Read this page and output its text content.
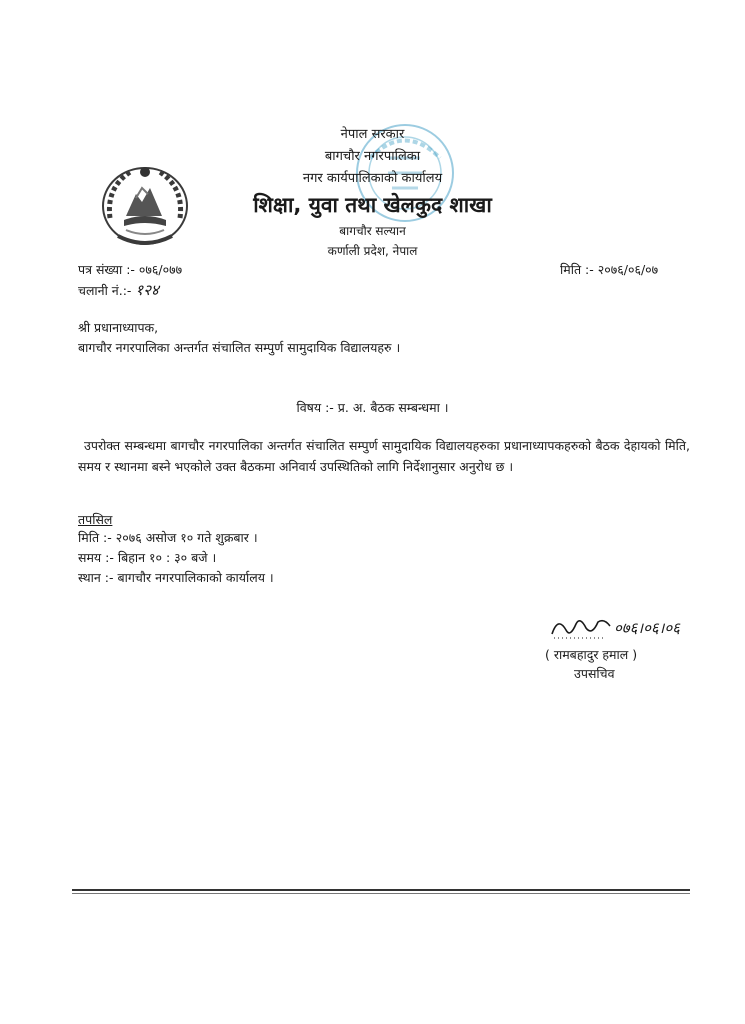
नेपाल सरकार
बागचौर नगरपालिका
नगर कार्यपालिकाको कार्यालय
शिक्षा, युवा तथा खेलकुद शाखा
बागचौर सल्यान
कर्णाली प्रदेश, नेपाल
पत्र संख्या :- ०७६/०७७
चलानी नं.:- १२४
मिति :- २०७६/०६/०७
श्री प्रधानाध्यापक,
बागचौर नगरपालिका अन्तर्गत संचालित सम्पुर्ण सामुदायिक विद्यालयहरु ।
विषय :- प्र. अ. बैठक सम्बन्धमा ।
उपरोक्त सम्बन्धमा बागचौर नगरपालिका अन्तर्गत संचालित सम्पुर्ण सामुदायिक विद्यालयहरुका प्रधानाध्यापकहरुको बैठक देहायको मिति, समय र स्थानमा बस्ने भएकोले उक्त बैठकमा अनिवार्य उपस्थितिको लागि निर्देशानुसार अनुरोध छ ।
तपसिल
मिति :- २०७६ असोज १० गते शुक्रबार ।
समय :- बिहान १० : ३० बजे ।
स्थान :- बागचौर नगरपालिकाको कार्यालय ।
०७६।०६।०६
( रामबहादुर हमाल )
उपसचिव
